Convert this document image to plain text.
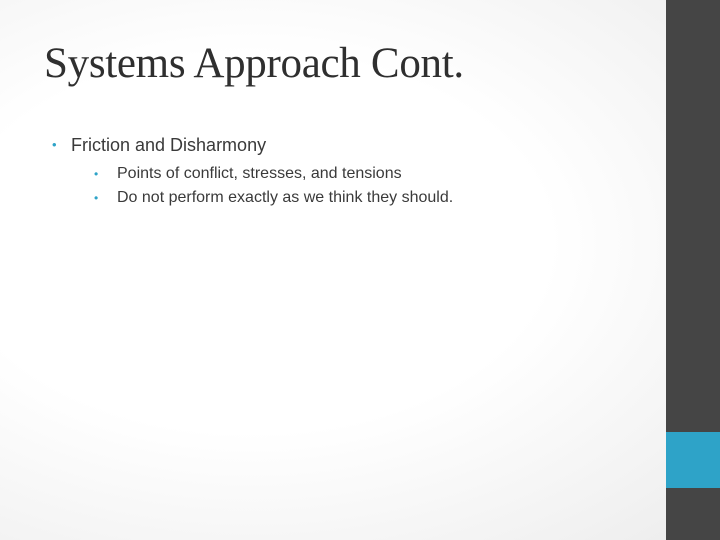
Systems Approach Cont.
• Friction and Disharmony
• Points of conflict, stresses, and tensions
• Do not perform exactly as we think they should.
